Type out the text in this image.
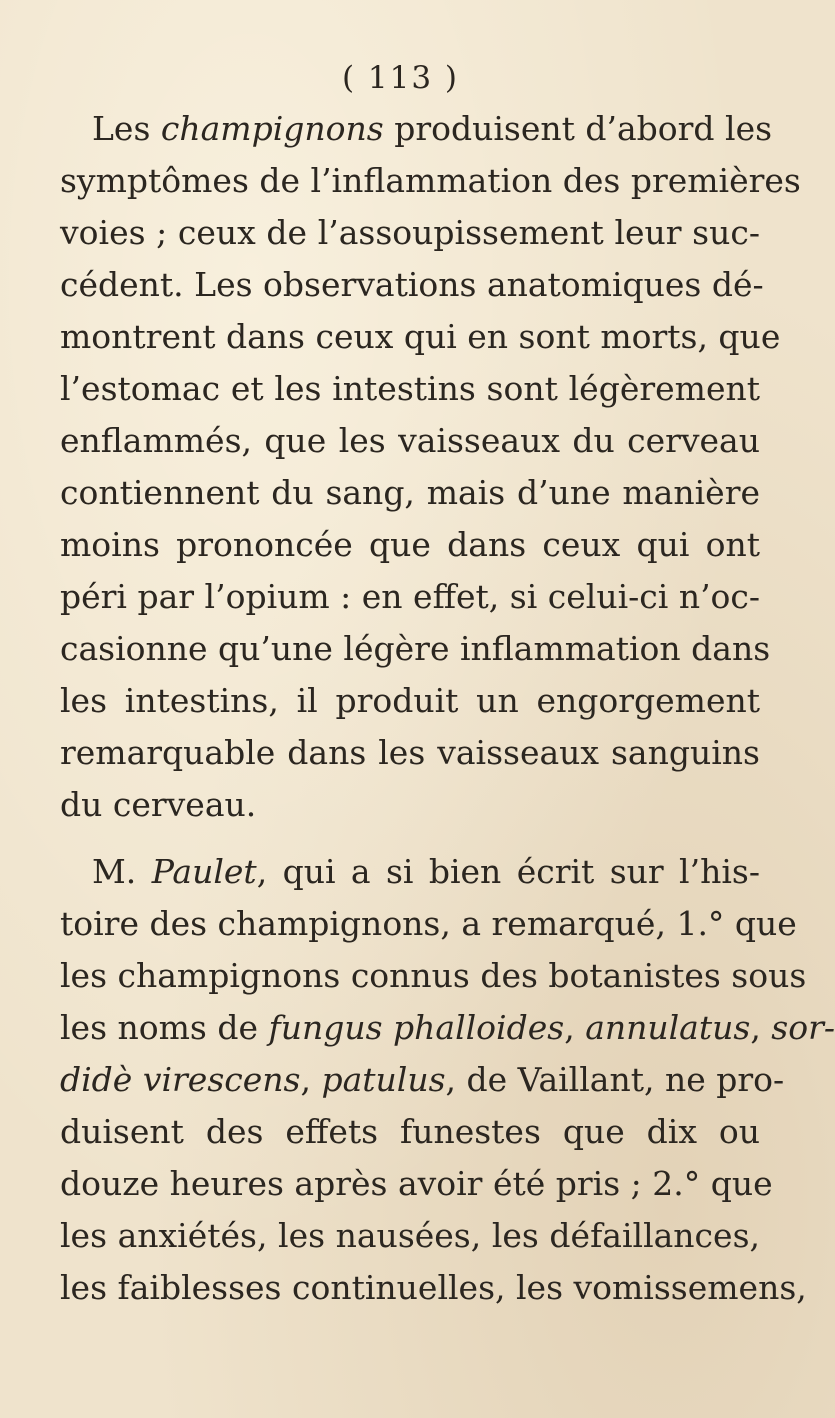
( 113 )
Les champignons produisent d’abord les
symptômes de l’inflammation des premières
voies ; ceux de l’assoupissement leur suc-
cédent. Les observations anatomiques dé-
montrent dans ceux qui en sont morts, que
l’estomac et les intestins sont légèrement
enflammés, que les vaisseaux du cerveau
contiennent du sang, mais d’une manière
moins prononcée que dans ceux qui ont
péri par l’opium : en effet, si celui-ci n’oc-
casionne qu’une légère inflammation dans
les intestins, il produit un engorgement
remarquable dans les vaisseaux sanguins
du cerveau.
M. Paulet, qui a si bien écrit sur l’his-
toire des champignons, a remarqué, 1.° que
les champignons connus des botanistes sous
les noms de fungus phalloides, annulatus, sor-
didè virescens, patulus, de Vaillant, ne pro-
duisent des effets funestes que dix ou
douze heures après avoir été pris ; 2.° que
les anxiétés, les nausées, les défaillances,
les faiblesses continuelles, les vomissemens,
